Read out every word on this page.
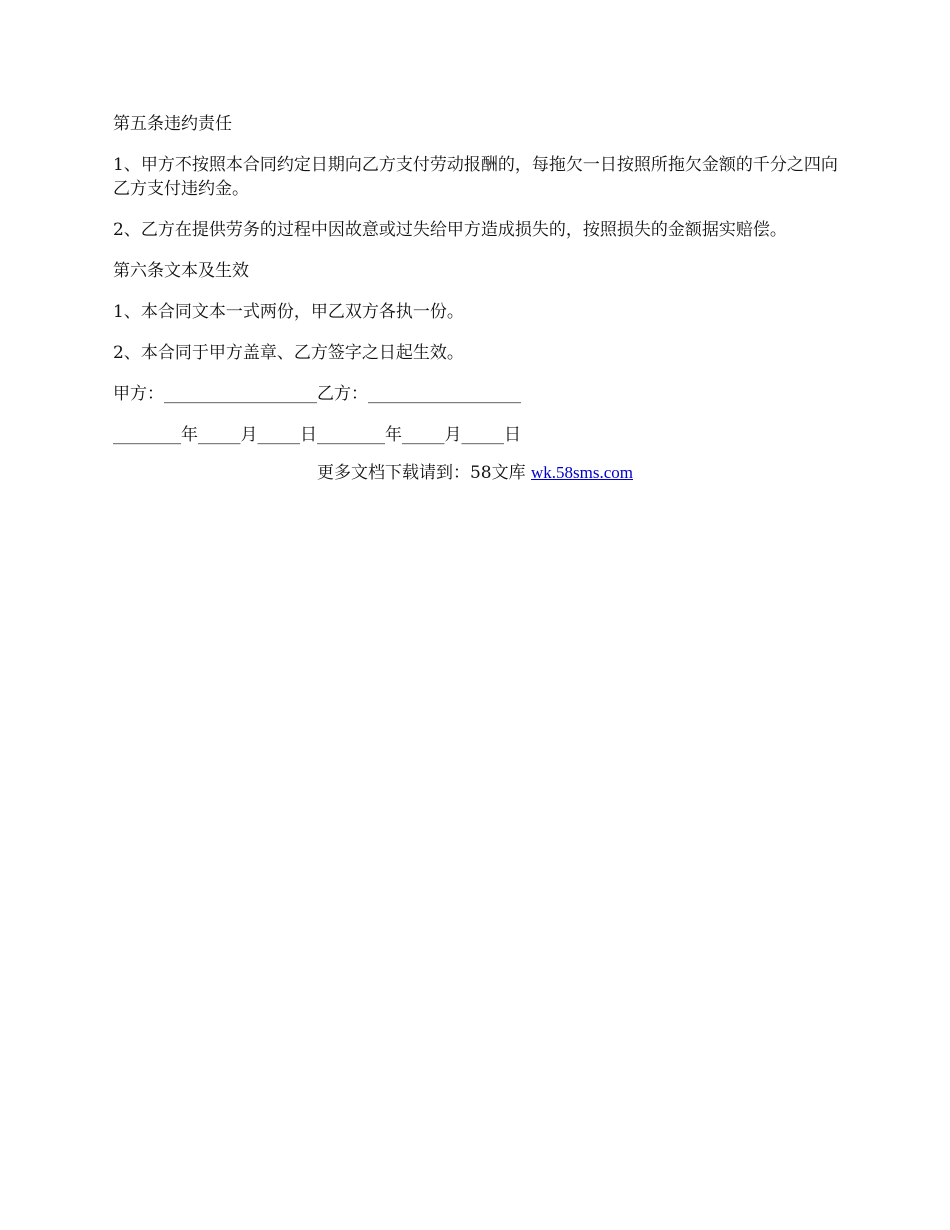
第五条违约责任

1、甲方不按照本合同约定日期向乙方支付劳动报酬的，每拖欠一日按照所拖欠金额的千分之四向乙方支付违约金。

2、乙方在提供劳务的过程中因故意或过失给甲方造成损失的，按照损失的金额据实赔偿。

第六条文本及生效

1、本合同文本一式两份，甲乙双方各执一份。

2、本合同于甲方盖章、乙方签字之日起生效。

甲方：__________________乙方：__________________

________年_____月_____日________年_____月_____日

更多文档下载请到：58文库 wk.58sms.com
